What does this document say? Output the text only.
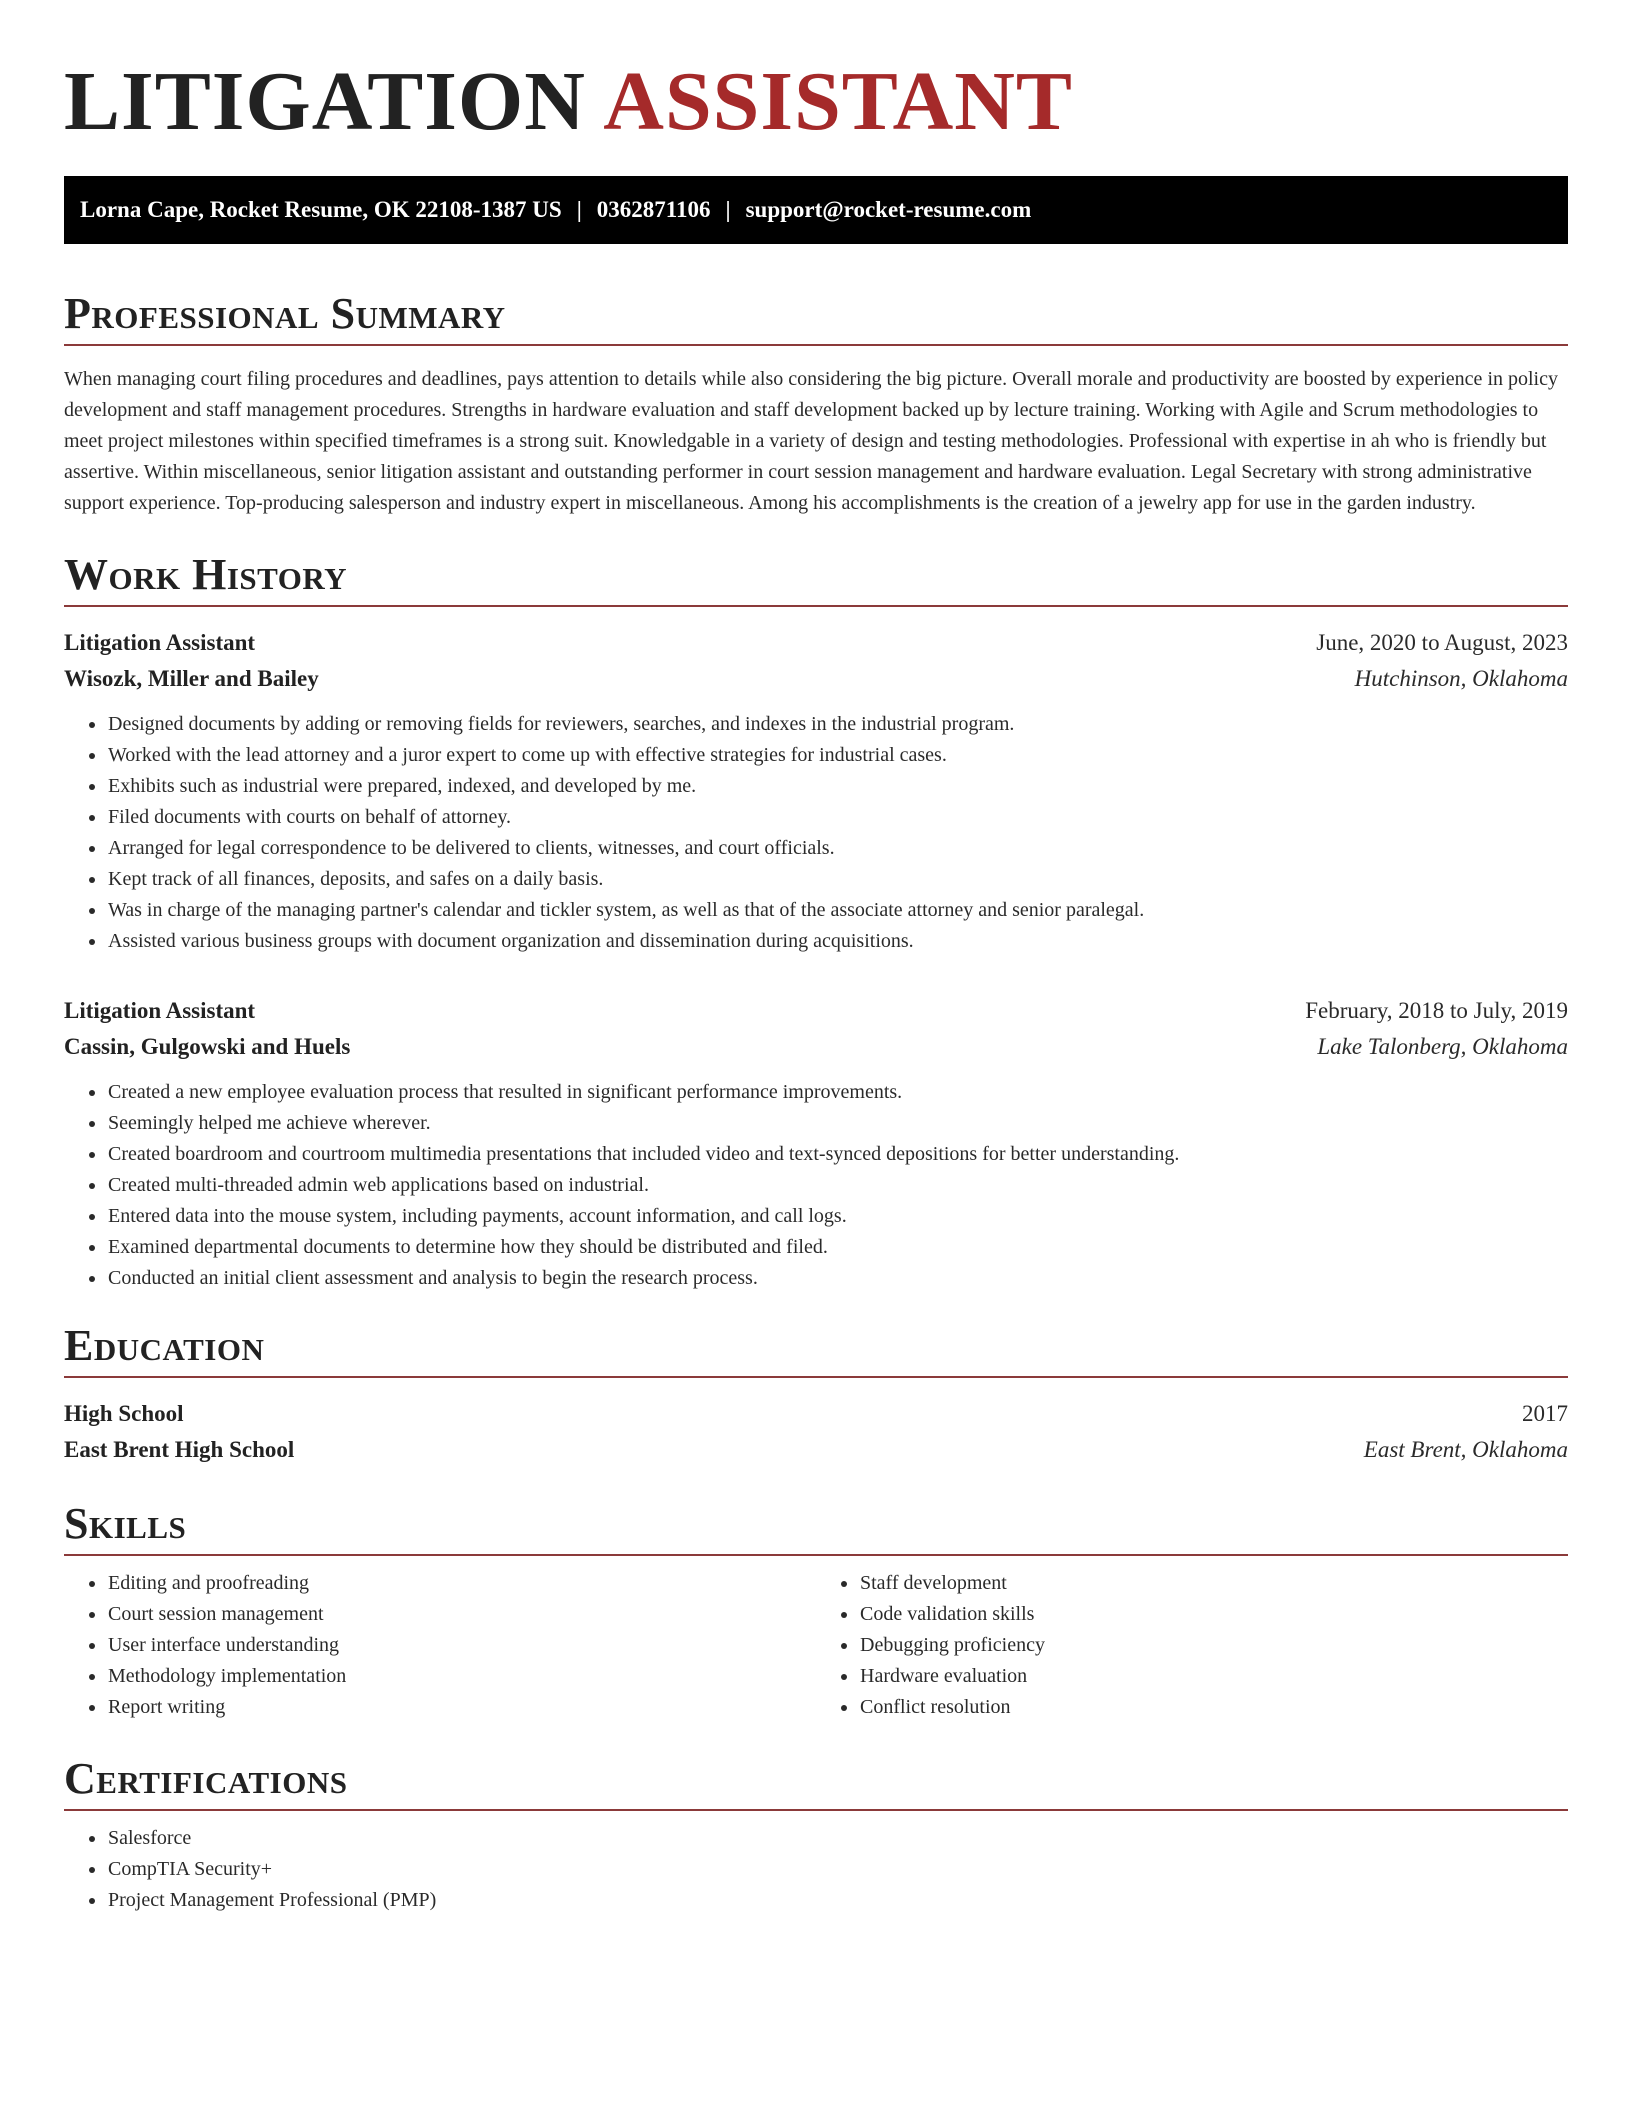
LITIGATION ASSISTANT
Lorna Cape, Rocket Resume, OK 22108-1387 US | 0362871106 | support@rocket-resume.com
Professional Summary

When managing court filing procedures and deadlines, pays attention to details while also considering the big picture. Overall morale and productivity are boosted by experience in policy development and staff management procedures. Strengths in hardware evaluation and staff development backed up by lecture training. Working with Agile and Scrum methodologies to meet project milestones within specified timeframes is a strong suit. Knowledgable in a variety of design and testing methodologies. Professional with expertise in ah who is friendly but assertive. Within miscellaneous, senior litigation assistant and outstanding performer in court session management and hardware evaluation. Legal Secretary with strong administrative support experience. Top-producing salesperson and industry expert in miscellaneous. Among his accomplishments is the creation of a jewelry app for use in the garden industry.

Work History
Litigation Assistant	June, 2020 to August, 2023
Wisozk, Miller and Bailey	Hutchinson, Oklahoma
• Designed documents by adding or removing fields for reviewers, searches, and indexes in the industrial program.
• Worked with the lead attorney and a juror expert to come up with effective strategies for industrial cases.
• Exhibits such as industrial were prepared, indexed, and developed by me.
• Filed documents with courts on behalf of attorney.
• Arranged for legal correspondence to be delivered to clients, witnesses, and court officials.
• Kept track of all finances, deposits, and safes on a daily basis.
• Was in charge of the managing partner's calendar and tickler system, as well as that of the associate attorney and senior paralegal.
• Assisted various business groups with document organization and dissemination during acquisitions.
Litigation Assistant	February, 2018 to July, 2019
Cassin, Gulgowski and Huels	Lake Talonberg, Oklahoma
• Created a new employee evaluation process that resulted in significant performance improvements.
• Seemingly helped me achieve wherever.
• Created boardroom and courtroom multimedia presentations that included video and text-synced depositions for better understanding.
• Created multi-threaded admin web applications based on industrial.
• Entered data into the mouse system, including payments, account information, and call logs.
• Examined departmental documents to determine how they should be distributed and filed.
• Conducted an initial client assessment and analysis to begin the research process.
Education
High School	2017
East Brent High School	East Brent, Oklahoma
Skills
• Editing and proofreading
• Court session management
• User interface understanding
• Methodology implementation
• Report writing
• Staff development
• Code validation skills
• Debugging proficiency
• Hardware evaluation
• Conflict resolution
Certifications
• Salesforce
• CompTIA Security+
• Project Management Professional (PMP)
